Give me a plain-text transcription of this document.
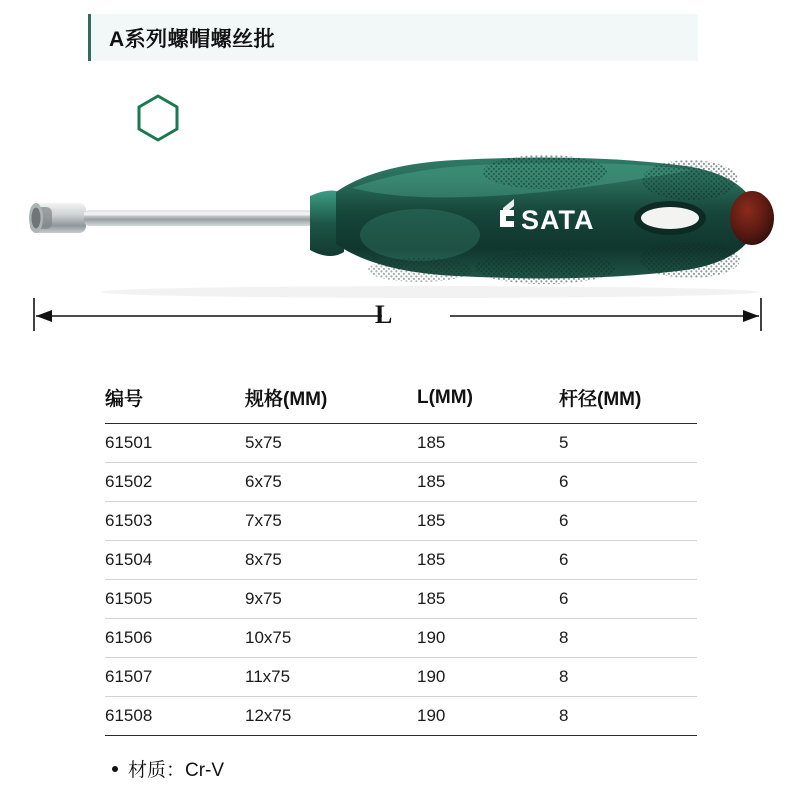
A系列螺帽螺丝批
SATA
L
编号	规格(MM)	L(MM)	杆径(MM)
61501	5x75	185	5
61502	6x75	185	6
61503	7x75	185	6
61504	8x75	185	6
61505	9x75	185	6
61506	10x75	190	8
61507	11x75	190	8
61508	12x75	190	8
材质：Cr-V
